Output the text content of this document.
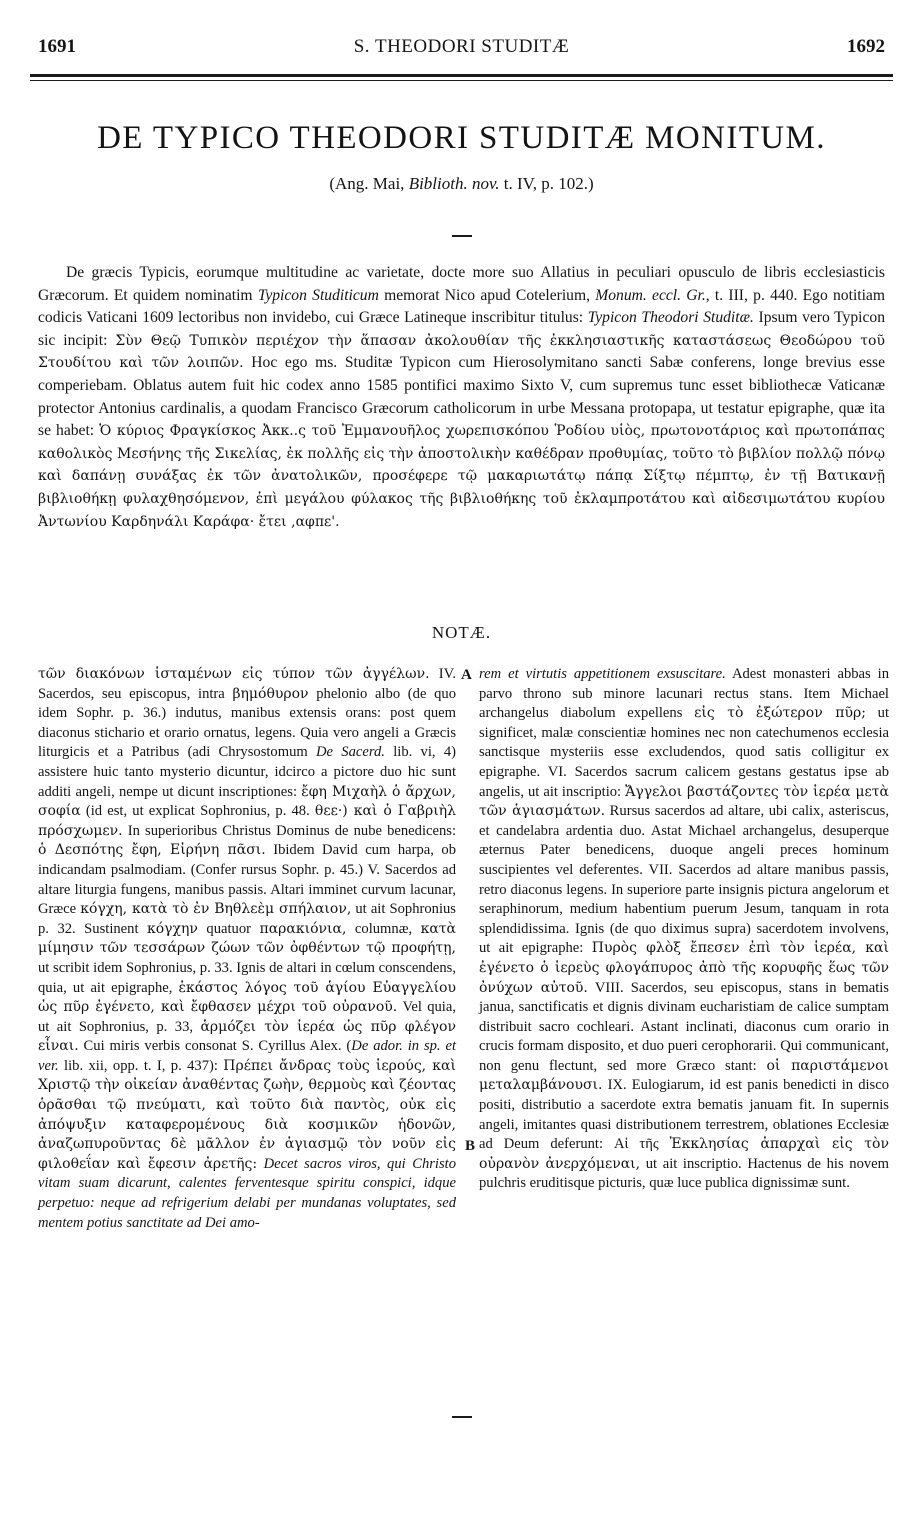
1691	S. THEODORI STUDITÆ	1692
DE TYPICO THEODORI STUDITÆ MONITUM.
(Ang. Mai, Biblioth. nov. t. IV, p. 102.)

De græcis Typicis, eorumque multitudine ac varietate, docte more suo Allatius in peculiari opusculo de libris ecclesiasticis Græcorum. Et quidem nominatim Typicon Studiticum memorat Nico apud Cotelerium, Monum. eccl. Gr., t. III, p. 440. Ego notitiam codicis Vaticani 1609 lectoribus non invidebo, cui Græce Latineque inscribitur titulus: Typicon Theodori Studitæ. Ipsum vero Typicon sic incipit: Σὺν Θεῷ Τυπικὸν περιέχον τὴν ἅπασαν ἀκολουθίαν τῆς ἐκκλησιαστικῆς καταστάσεως Θεοδώρου τοῦ Στουδίτου καὶ τῶν λοιπῶν. Hoc ego ms. Studitæ Typicon cum Hierosolymitano sancti Sabæ conferens, longe brevius esse comperiebam. Oblatus autem fuit hic codex anno 1585 pontifici maximo Sixto V, cum supremus tunc esset bibliothecæ Vaticanæ protector Antonius cardinalis, a quodam Francisco Græcorum catholicorum in urbe Messana protopapa, ut testatur epigraphe, quæ ita se habet: Ὁ κύριος Φραγκίσκος Ἀκκ..ς τοῦ Ἐμμανουῆλος χωρεπισκόπου Ῥοδίου υἱὸς, πρωτονοτάριος καὶ πρωτοπάπας καθολικὸς Μεσήνης τῆς Σικελίας, ἐκ πολλῆς εἰς τὴν ἀποστολικὴν καθέδραν προθυμίας, τοῦτο τὸ βιβλίον πολλῷ πόνῳ καὶ δαπάνῃ συνάξας ἐκ τῶν ἀνατολικῶν, προσέφερε τῷ μακαριωτάτῳ πάπᾳ Σίξτῳ πέμπτῳ, ἐν τῇ Βατικανῇ βιβλιοθήκῃ φυλαχθησόμενον, ἐπὶ μεγάλου φύλακος τῆς βιβλιοθήκης τοῦ ἐκλαμπροτάτου καὶ αἰδεσιμωτάτου κυρίου Ἀντωνίου Καρδηνάλι Καράφα· ἔτει ,αφπε'.

NOTÆ.
A
B

τῶν διακόνων ἱσταμένων εἰς τύπον τῶν ἀγγέλων. IV. Sacerdos, seu episcopus, intra βημόθυρον phelonio albo (de quo idem Sophr. p. 36.) indutus, manibus extensis orans: post quem diaconus stichario et orario ornatus, legens. Quia vero angeli a Græcis liturgicis et a Patribus (adi Chrysostomum De Sacerd. lib. vi, 4) assistere huic tanto mysterio dicuntur, idcirco a pictore duo hic sunt additi angeli, nempe ut dicunt inscriptiones: ἔφη Μιχαὴλ ὁ ἄρχων, σοφία (id est, ut explicat Sophronius, p. 48. θεε·) καὶ ὁ Γαβριὴλ πρόσχωμεν. In superioribus Christus Dominus de nube benedicens: ὁ Δεσπότης ἔφη, Εἰρήνη πᾶσι. Ibidem David cum harpa, ob indicandam psalmodiam. (Confer rursus Sophr. p. 45.) V. Sacerdos ad altare liturgia fungens, manibus passis. Altari imminet curvum lacunar, Græce κόγχη, κατὰ τὸ ἐν Βηθλεὲμ σπήλαιον, ut ait Sophronius p. 32. Sustinent κόγχην quatuor παρακιόνια, columnæ, κατὰ μίμησιν τῶν τεσσάρων ζώων τῶν ὀφθέντων τῷ προφήτῃ, ut scribit idem Sophronius, p. 33. Ignis de altari in cœlum conscendens, quia, ut ait epigraphe, ἑκάστος λόγος τοῦ ἁγίου Εὐαγγελίου ὡς πῦρ ἐγένετο, καὶ ἔφθασεν μέχρι τοῦ οὐρανοῦ. Vel quia, ut ait Sophronius, p. 33, ἁρμόζει τὸν ἱερέα ὡς πῦρ φλέγον εἶναι. Cui miris verbis consonat S. Cyrillus Alex. (De ador. in sp. et ver. lib. xii, opp. t. I, p. 437): Πρέπει ἄνδρας τοὺς ἱερούς, καὶ Χριστῷ τὴν οἰκείαν ἀναθέντας ζωὴν, θερμοὺς καὶ ζέοντας ὁρᾶσθαι τῷ πνεύματι, καὶ τοῦτο διὰ παντὸς, οὐκ εἰς ἀπόψυξιν καταφερομένους διὰ κοσμικῶν ἡδονῶν, ἀναζωπυροῦντας δὲ μᾶλλον ἐν ἁγιασμῷ τὸν νοῦν εἰς φιλοθεΐαν καὶ ἔφεσιν ἀρετῆς: Decet sacros viros, qui Christo vitam suam dicarunt, calentes ferventesque spiritu conspici, idque perpetuo: neque ad refrigerium delabi per mundanas voluptates, sed mentem potius sanctitate ad Dei amo-

rem et virtutis appetitionem exsuscitare. Adest monasteri abbas in parvo throno sub minore lacunari rectus stans. Item Michael archangelus diabolum expellens εἰς τὸ ἐξώτερον πῦρ; ut significet, malæ conscientiæ homines nec non catechumenos ecclesia sanctisque mysteriis esse excludendos, quod satis colligitur ex epigraphe. VI. Sacerdos sacrum calicem gestans gestatus ipse ab angelis, ut ait inscriptio: Ἄγγελοι βαστάζοντες τὸν ἱερέα μετὰ τῶν ἁγιασμάτων. Rursus sacerdos ad altare, ubi calix, asteriscus, et candelabra ardentia duo. Astat Michael archangelus, desuperque æternus Pater benedicens, duoque angeli preces hominum suscipientes vel deferentes. VII. Sacerdos ad altare manibus passis, retro diaconus legens. In superiore parte insignis pictura angelorum et seraphinorum, medium habentium puerum Jesum, tanquam in rota splendidissima. Ignis (de quo diximus supra) sacerdotem involvens, ut ait epigraphe: Πυρὸς φλὸξ ἔπεσεν ἐπὶ τὸν ἱερέα, καὶ ἐγένετο ὁ ἱερεὺς φλογάπυρος ἀπὸ τῆς κορυφῆς ἕως τῶν ὀνύχων αὐτοῦ. VIII. Sacerdos, seu episcopus, stans in bematis janua, sanctificatis et dignis divinam eucharistiam de calice sumptam distribuit sacro cochleari. Astant inclinati, diaconus cum orario in crucis formam disposito, et duo pueri cerophorarii. Qui communicant, non genu flectunt, sed more Græco stant: οἱ παριστάμενοι μεταλαμβάνουσι. IX. Eulogiarum, id est panis benedicti in disco positi, distributio a sacerdote extra bematis januam fit. In supernis angeli, imitantes quasi distributionem terrestrem, oblationes Ecclesiæ ad Deum deferunt: Αἱ τῆς Ἐκκλησίας ἀπαρχαὶ εἰς τὸν οὐρανὸν ἀνερχόμεναι, ut ait inscriptio. Hactenus de his novem pulchris eruditisque picturis, quæ luce publica dignissimæ sunt.
